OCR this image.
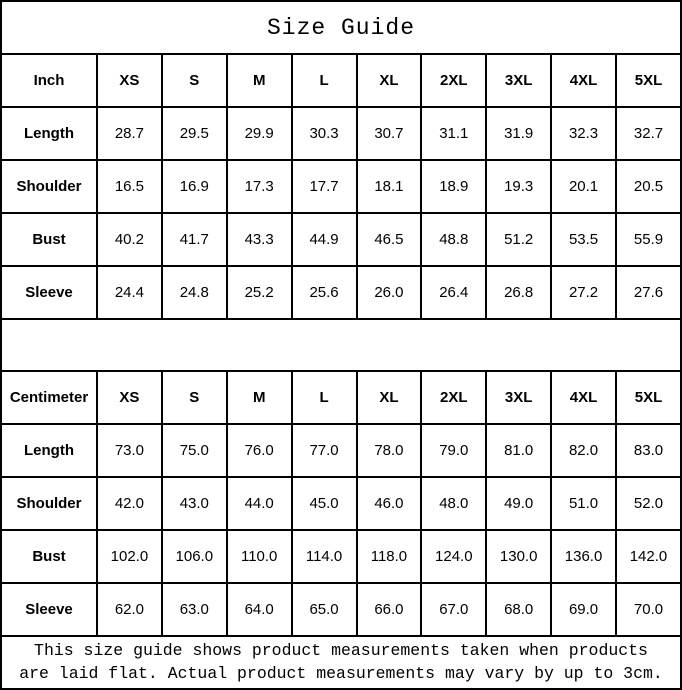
Size Guide									
Inch	XS	S	M	L	XL	2XL	3XL	4XL	5XL
Length	28.7	29.5	29.9	30.3	30.7	31.1	31.9	32.3	32.7
Shoulder	16.5	16.9	17.3	17.7	18.1	18.9	19.3	20.1	20.5
Bust	40.2	41.7	43.3	44.9	46.5	48.8	51.2	53.5	55.9
Sleeve	24.4	24.8	25.2	25.6	26.0	26.4	26.8	27.2	27.6

Centimeter	XS	S	M	L	XL	2XL	3XL	4XL	5XL
Length	73.0	75.0	76.0	77.0	78.0	79.0	81.0	82.0	83.0
Shoulder	42.0	43.0	44.0	45.0	46.0	48.0	49.0	51.0	52.0
Bust	102.0	106.0	110.0	114.0	118.0	124.0	130.0	136.0	142.0
Sleeve	62.0	63.0	64.0	65.0	66.0	67.0	68.0	69.0	70.0

This size guide shows product measurements taken when products
are laid flat. Actual product measurements may vary by up to 3cm.									
